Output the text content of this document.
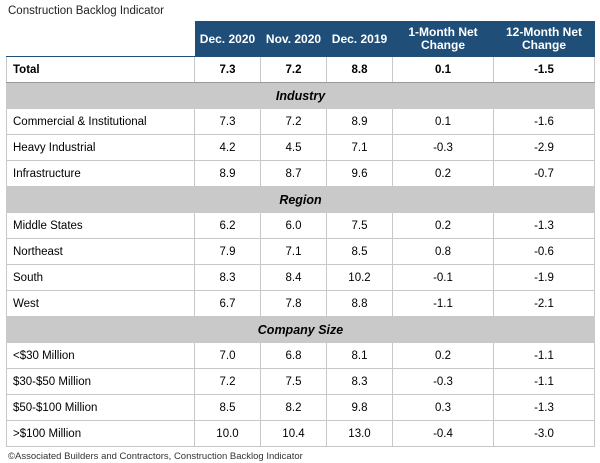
Construction Backlog Indicator
	Dec. 2020	Nov. 2020	Dec. 2019	1-Month Net Change	12-Month Net Change
Total	7.3	7.2	8.8	0.1	-1.5
Industry					
Commercial & Institutional	7.3	7.2	8.9	0.1	-1.6
Heavy Industrial	4.2	4.5	7.1	-0.3	-2.9
Infrastructure	8.9	8.7	9.6	0.2	-0.7
Region					
Middle States	6.2	6.0	7.5	0.2	-1.3
Northeast	7.9	7.1	8.5	0.8	-0.6
South	8.3	8.4	10.2	-0.1	-1.9
West	6.7	7.8	8.8	-1.1	-2.1
Company Size					
<$30 Million	7.0	6.8	8.1	0.2	-1.1
$30-$50 Million	7.2	7.5	8.3	-0.3	-1.1
$50-$100 Million	8.5	8.2	9.8	0.3	-1.3
>$100 Million	10.0	10.4	13.0	-0.4	-3.0
©Associated Builders and Contractors, Construction Backlog Indicator
